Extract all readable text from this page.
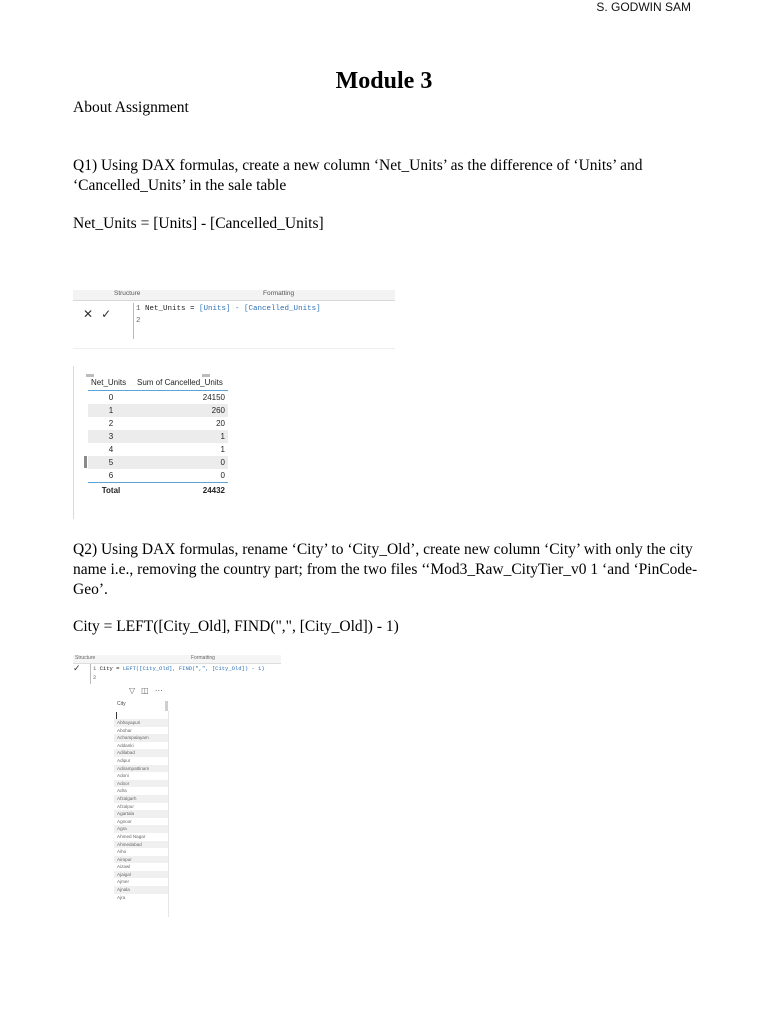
S. GODWIN SAM
Module 3
About Assignment
Q1) Using DAX formulas, create a new column ‘Net_Units’ as the difference of ‘Units’ and ‘Cancelled_Units’ in the sale table
Net_Units = [Units] - [Cancelled_Units]
Structure	Formatting
✕ ✓	1 Net_Units = [Units] - [Cancelled_Units]
2
Net_Units	Sum of Cancelled_Units
0	24150
1	260
2	20
3	1
4	1
5	0
6	0
Total	24432
Q2) Using DAX formulas, rename ‘City’ to ‘City_Old’, create new column ‘City’ with only the city name i.e., removing the country part; from the two files ‘‘Mod3_Raw_CityTier_v0 1 ‘and ‘PinCode-Geo’.
City = LEFT([City_Old], FIND(",", [City_Old]) - 1)
Structure	Formatting
✓ 1 City = LEFT([City_Old], FIND(",", [City_Old]) - 1)
2
▽ ◫ ⋯
City
Abhayapuri
Abohar
Achampalayam
Addanki
Adilabad
Adipur
Adirampattinam
Adoni
Adoor
Adra
Afzalgarh
Afzalpur
Agartala
Agnoor
Agra
Ahmed Nagar
Ahmedabad
Aiho
Airopur
Aizawl
Ajaigal
Ajmer
Ajnala
Ajra
